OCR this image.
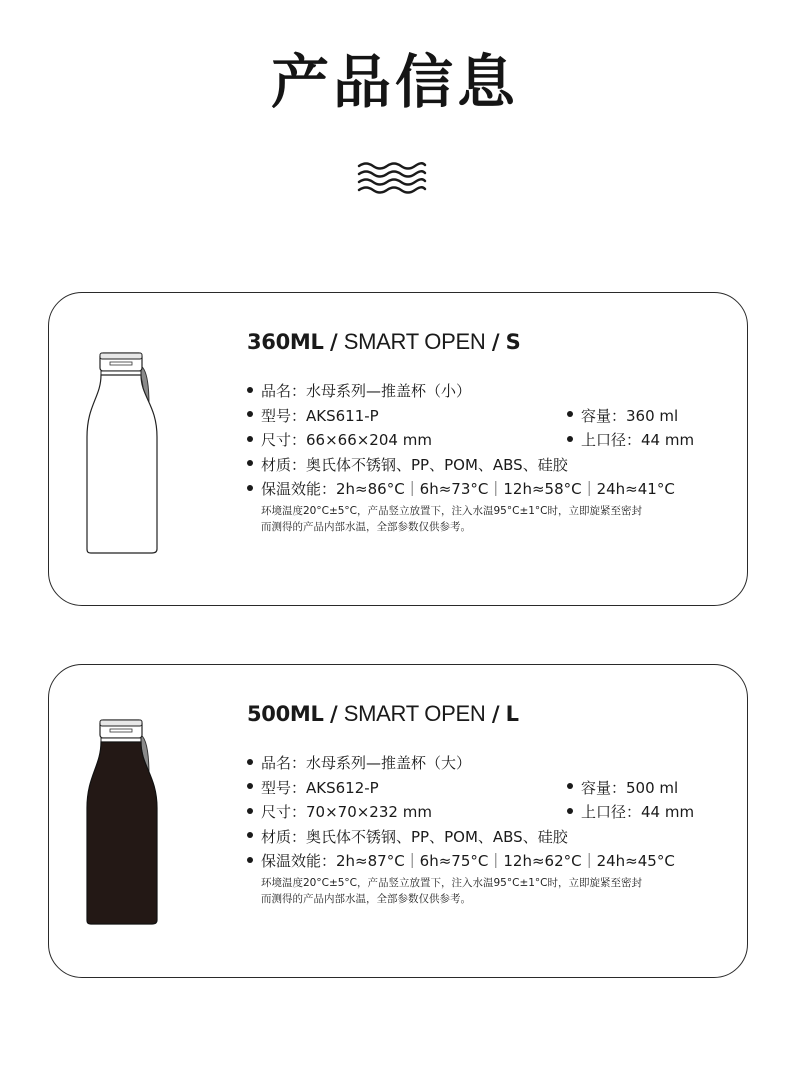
产品信息
360ML / SMART OPEN / S
品名：水母系列—推盖杯（小）
型号：AKS611-P	容量：360 ml
尺寸：66×66×204 mm	上口径：44 mm
材质：奥氏体不锈钢、PP、POM、ABS、硅胶
保温效能：2h≈86°C｜6h≈73°C｜12h≈58°C｜24h≈41°C
环境温度20°C±5°C，产品竖立放置下，注入水温95°C±1°C时，立即旋紧至密封
而测得的产品内部水温，全部参数仅供参考。
500ML / SMART OPEN / L
品名：水母系列—推盖杯（大）
型号：AKS612-P	容量：500 ml
尺寸：70×70×232 mm	上口径：44 mm
材质：奥氏体不锈钢、PP、POM、ABS、硅胶
保温效能：2h≈87°C｜6h≈75°C｜12h≈62°C｜24h≈45°C
环境温度20°C±5°C，产品竖立放置下，注入水温95°C±1°C时，立即旋紧至密封
而测得的产品内部水温，全部参数仅供参考。
